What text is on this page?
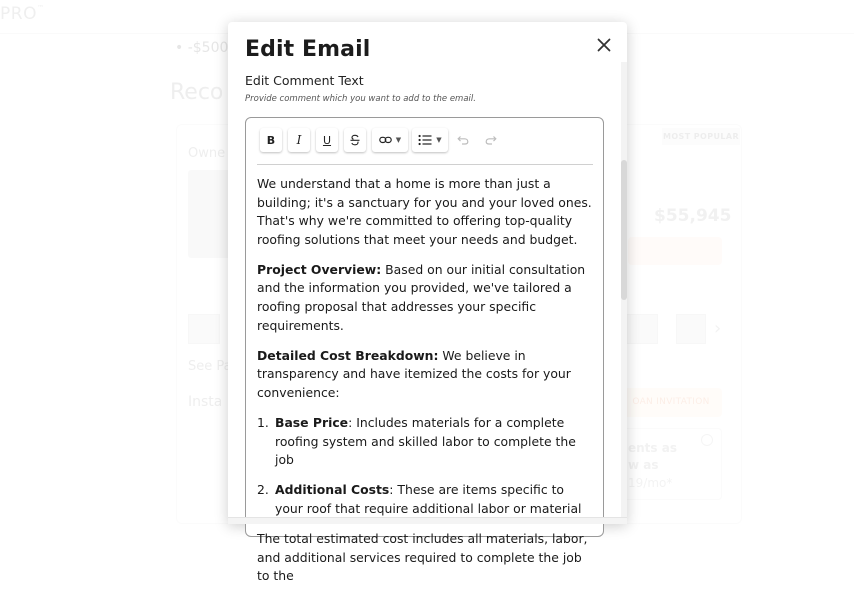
Edit Email
Edit Comment Text
Provide comment which you want to add to the email.
B	I	U	▼	▼

We understand that a home is more than just a building; it's a sanctuary for you and your loved ones. That's why we're committed to offering top-quality roofing solutions that meet your needs and budget.

Project Overview: Based on our initial consultation and the information you provided, we've tailored a roofing proposal that addresses your specific requirements.

Detailed Cost Breakdown: We believe in transparency and have itemized the costs for your convenience:

1. Base Price: Includes materials for a complete roofing system and skilled labor to complete the job
2. Additional Costs: These are items specific to your roof that require additional labor or material

The total estimated cost includes all materials, labor, and additional services required to complete the job to the
